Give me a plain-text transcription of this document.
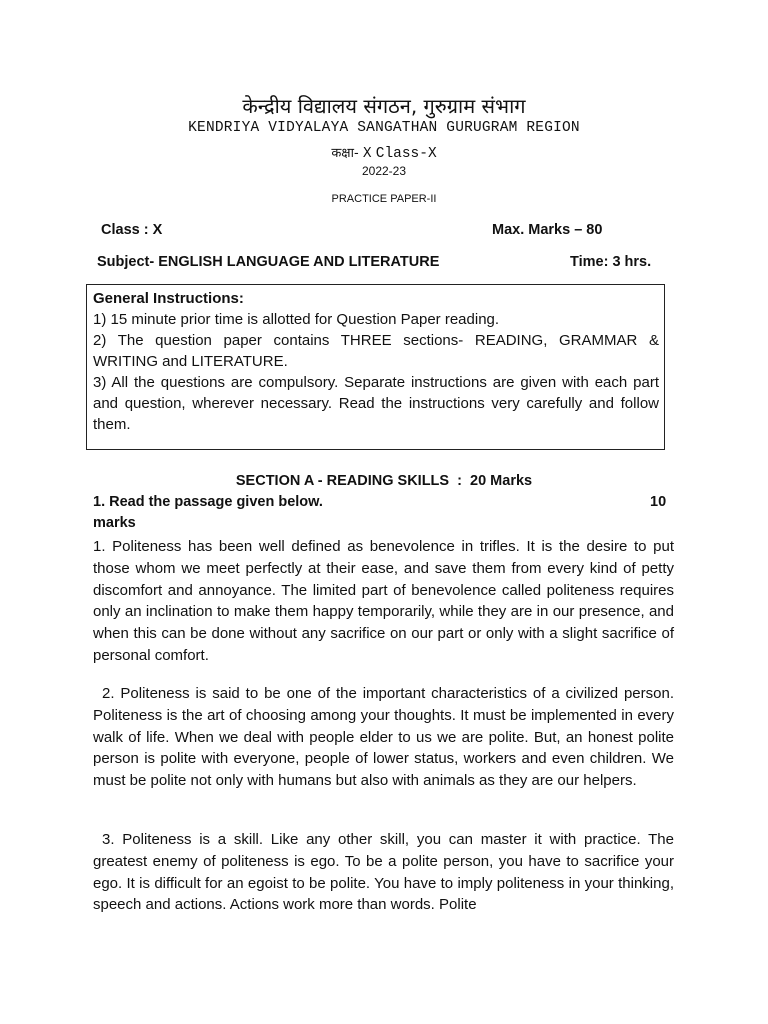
केन्द्रीय विद्यालय संगठन, गुरुग्राम संभाग
KENDRIYA VIDYALAYA SANGATHAN GURUGRAM REGION
कक्षा- X Class-X
2022-23
PRACTICE PAPER-II
Class : X	Max. Marks – 80
Subject- ENGLISH LANGUAGE AND LITERATURE	Time: 3 hrs.

General Instructions:

1) 15 minute prior time is allotted for Question Paper reading.

2) The question paper contains THREE sections- READING, GRAMMAR & WRITING and LITERATURE.

3) All the questions are compulsory. Separate instructions are given with each part and question, wherever necessary. Read the instructions very carefully and follow them.

SECTION A - READING SKILLS  :  20 Marks
1. Read the passage given below.	10
marks

1. Politeness has been well defined as benevolence in trifles. It is the desire to put those whom we meet perfectly at their ease, and save them from every kind of petty discomfort and annoyance. The limited part of benevolence called politeness requires only an inclination to make them happy temporarily, while they are in our presence, and when this can be done without any sacrifice on our part or only with a slight sacrifice of personal comfort.

2. Politeness is said to be one of the important characteristics of a civilized person. Politeness is the art of choosing among your thoughts. It must be implemented in every walk of life. When we deal with people elder to us we are polite. But, an honest polite person is polite with everyone, people of lower status, workers and even children. We must be polite not only with humans but also with animals as they are our helpers.

3. Politeness is a skill. Like any other skill, you can master it with practice. The greatest enemy of politeness is ego. To be a polite person, you have to sacrifice your ego. It is difficult for an egoist to be polite. You have to imply politeness in your thinking, speech and actions. Actions work more than words. Polite
